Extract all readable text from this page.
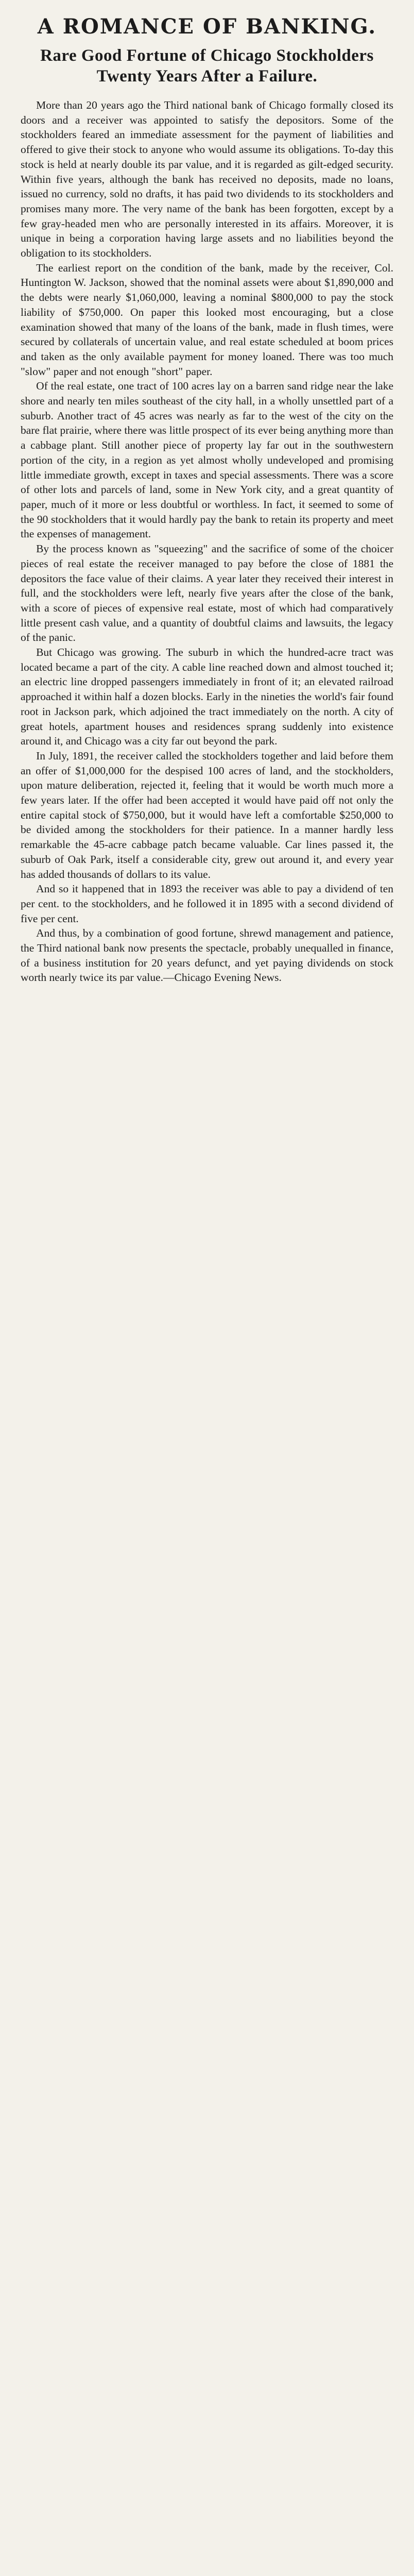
A ROMANCE OF BANKING.
Rare Good Fortune of Chicago Stockholders Twenty Years After a Failure.

More than 20 years ago the Third national bank of Chicago formally closed its doors and a receiver was appointed to satisfy the depositors. Some of the stockholders feared an immediate assessment for the payment of liabilities and offered to give their stock to anyone who would assume its obligations. To-day this stock is held at nearly double its par value, and it is regarded as gilt-edged security. Within five years, although the bank has received no deposits, made no loans, issued no currency, sold no drafts, it has paid two dividends to its stockholders and promises many more. The very name of the bank has been forgotten, except by a few gray-headed men who are personally interested in its affairs. Moreover, it is unique in being a corporation having large assets and no liabilities beyond the obligation to its stockholders.

The earliest report on the condition of the bank, made by the receiver, Col. Huntington W. Jackson, showed that the nominal assets were about $1,890,000 and the debts were nearly $1,060,000, leaving a nominal $800,000 to pay the stock liability of $750,000. On paper this looked most encouraging, but a close examination showed that many of the loans of the bank, made in flush times, were secured by collaterals of uncertain value, and real estate scheduled at boom prices and taken as the only available payment for money loaned. There was too much "slow" paper and not enough "short" paper.

Of the real estate, one tract of 100 acres lay on a barren sand ridge near the lake shore and nearly ten miles southeast of the city hall, in a wholly unsettled part of a suburb. Another tract of 45 acres was nearly as far to the west of the city on the bare flat prairie, where there was little prospect of its ever being anything more than a cabbage plant. Still another piece of property lay far out in the southwestern portion of the city, in a region as yet almost wholly undeveloped and promising little immediate growth, except in taxes and special assessments. There was a score of other lots and parcels of land, some in New York city, and a great quantity of paper, much of it more or less doubtful or worthless. In fact, it seemed to some of the 90 stockholders that it would hardly pay the bank to retain its property and meet the expenses of management.

By the process known as "squeezing" and the sacrifice of some of the choicer pieces of real estate the receiver managed to pay before the close of 1881 the depositors the face value of their claims. A year later they received their interest in full, and the stockholders were left, nearly five years after the close of the bank, with a score of pieces of expensive real estate, most of which had comparatively little present cash value, and a quantity of doubtful claims and lawsuits, the legacy of the panic.

But Chicago was growing. The suburb in which the hundred-acre tract was located became a part of the city. A cable line reached down and almost touched it; an electric line dropped passengers immediately in front of it; an elevated railroad approached it within half a dozen blocks. Early in the nineties the world's fair found root in Jackson park, which adjoined the tract immediately on the north. A city of great hotels, apartment houses and residences sprang suddenly into existence around it, and Chicago was a city far out beyond the park.

In July, 1891, the receiver called the stockholders together and laid before them an offer of $1,000,000 for the despised 100 acres of land, and the stockholders, upon mature deliberation, rejected it, feeling that it would be worth much more a few years later. If the offer had been accepted it would have paid off not only the entire capital stock of $750,000, but it would have left a comfortable $250,000 to be divided among the stockholders for their patience. In a manner hardly less remarkable the 45-acre cabbage patch became valuable. Car lines passed it, the suburb of Oak Park, itself a considerable city, grew out around it, and every year has added thousands of dollars to its value.

And so it happened that in 1893 the receiver was able to pay a dividend of ten per cent. to the stockholders, and he followed it in 1895 with a second dividend of five per cent.

And thus, by a combination of good fortune, shrewd management and patience, the Third national bank now presents the spectacle, probably unequalled in finance, of a business institution for 20 years defunct, and yet paying dividends on stock worth nearly twice its par value.—Chicago Evening News.
